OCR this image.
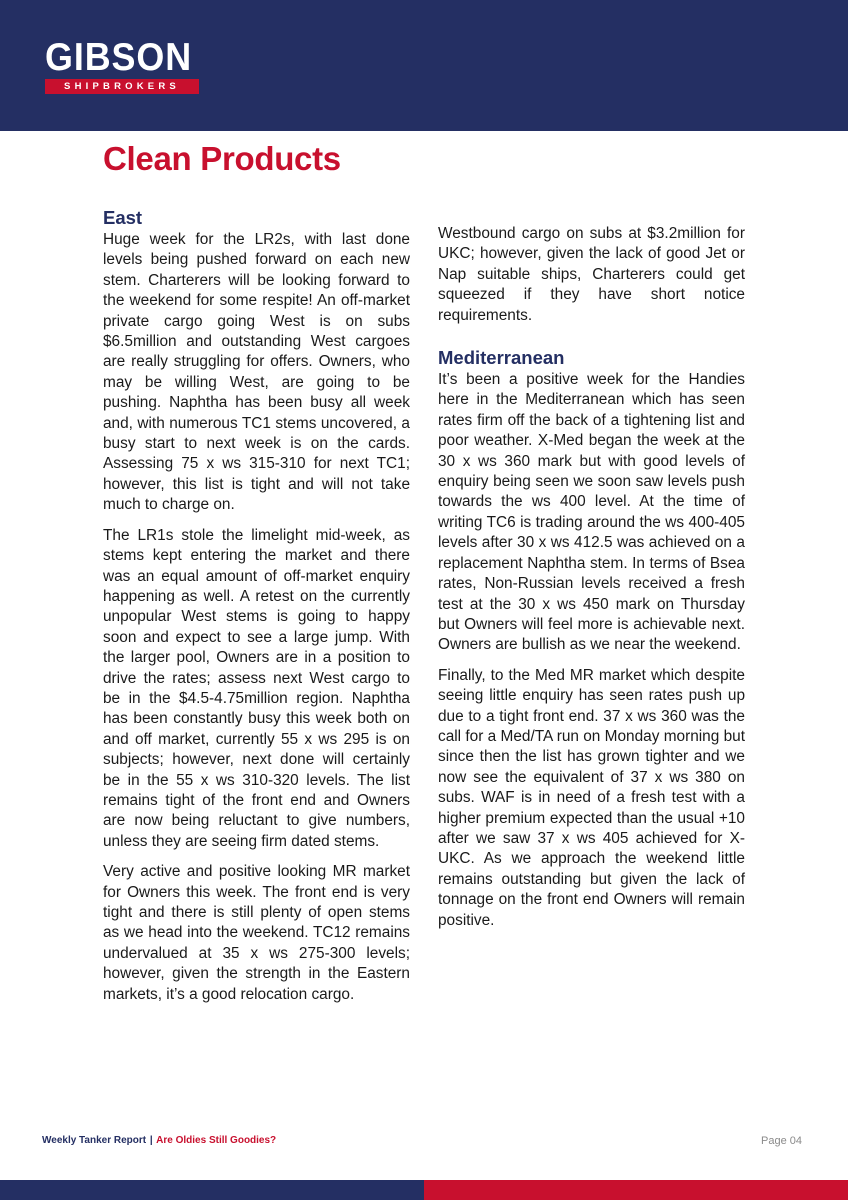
GIBSON
SHIPBROKERS
Clean Products
East

Huge week for the LR2s, with last done levels being pushed forward on each new stem. Charterers will be looking forward to the weekend for some respite! An off-market private cargo going West is on subs $6.5million and outstanding West cargoes are really struggling for offers. Owners, who may be willing West, are going to be pushing. Naphtha has been busy all week and, with numerous TC1 stems uncovered, a busy start to next week is on the cards. Assessing 75 x ws 315-310 for next TC1; however, this list is tight and will not take much to charge on.

The LR1s stole the limelight mid-week, as stems kept entering the market and there was an equal amount of off-market enquiry happening as well. A retest on the currently unpopular West stems is going to happy soon and expect to see a large jump. With the larger pool, Owners are in a position to drive the rates; assess next West cargo to be in the $4.5-4.75million region. Naphtha has been constantly busy this week both on and off market, currently 55 x ws 295 is on subjects; however, next done will certainly be in the 55 x ws 310-320 levels. The list remains tight of the front end and Owners are now being reluctant to give numbers, unless they are seeing firm dated stems.

Very active and positive looking MR market for Owners this week. The front end is very tight and there is still plenty of open stems as we head into the weekend. TC12 remains undervalued at 35 x ws 275-300 levels; however, given the strength in the Eastern markets, it’s a good relocation cargo.

Westbound cargo on subs at $3.2million for UKC; however, given the lack of good Jet or Nap suitable ships, Charterers could get squeezed if they have short notice requirements.

Mediterranean

It’s been a positive week for the Handies here in the Mediterranean which has seen rates firm off the back of a tightening list and poor weather. X-Med began the week at the 30 x ws 360 mark but with good levels of enquiry being seen we soon saw levels push towards the ws 400 level. At the time of writing TC6 is trading around the ws 400-405 levels after 30 x ws 412.5 was achieved on a replacement Naphtha stem. In terms of Bsea rates, Non-Russian levels received a fresh test at the 30 x ws 450 mark on Thursday but Owners will feel more is achievable next. Owners are bullish as we near the weekend.

Finally, to the Med MR market which despite seeing little enquiry has seen rates push up due to a tight front end. 37 x ws 360 was the call for a Med/TA run on Monday morning but since then the list has grown tighter and we now see the equivalent of 37 x ws 380 on subs. WAF is in need of a fresh test with a higher premium expected than the usual +10 after we saw 37 x ws 405 achieved for X-UKC. As we approach the weekend little remains outstanding but given the lack of tonnage on the front end Owners will remain positive.

Weekly Tanker Report | Are Oldies Still Goodies?	Page 04
